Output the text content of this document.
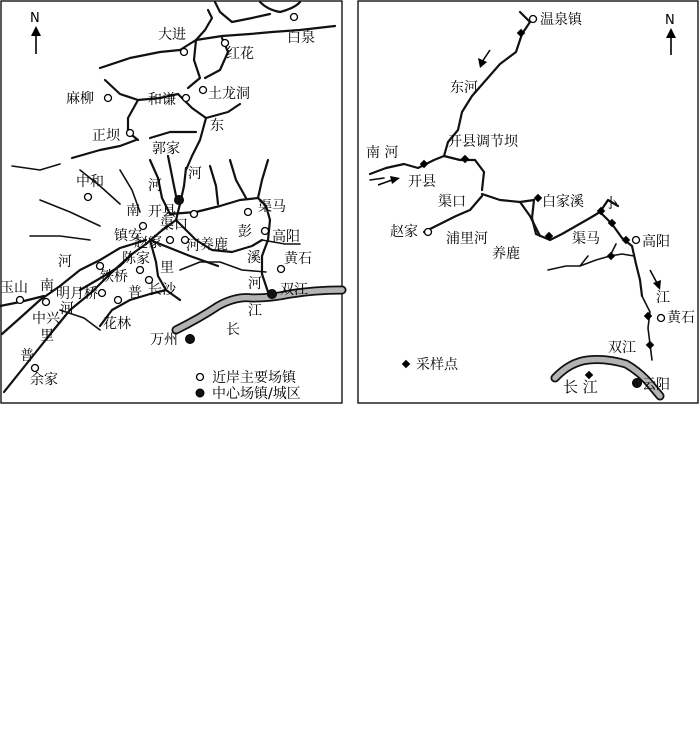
N
白泉
大进
红花
麻柳	和谦 土龙洞
正坝
郭家
中和
开县
渠口
赵家
镇安
陈家
养鹿
渠马
高阳
黄石
双江
铁桥
长沙
玉山 明月桥
中兴	花林
余家
万州
东
河
河
南
河
南
里
河
普
河
里
普
彭
溪
河
江
长
近岸主要场镇
中心场镇/城区
N
温泉镇
东河
南 河
开县调节坝
开县
白家溪
渠口
赵家 浦里河
养鹿
小
渠马	高阳
江
黄石
双江
云阳
长 江
采样点
